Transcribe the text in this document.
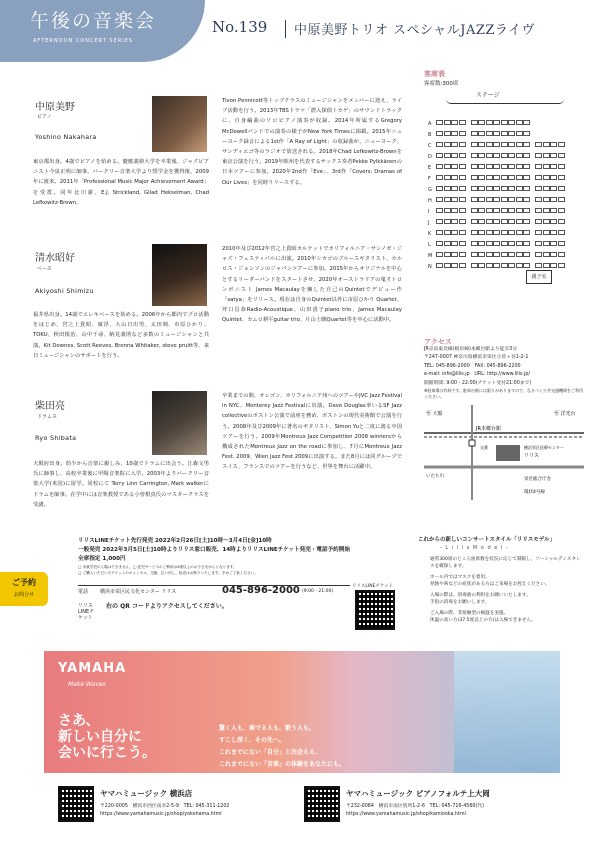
午後の音楽会
AFTERNOON CONCERT SERIES
No.139 中原美野トリオ スペシャルJAZZライヴ
中原美野
ピアノ
Yoshino Nakahara
東京都出身。4歳でピアノを始める。慶應義塾大学を卒業後、ジャズピアニスト今泉正明に師事。バークリー音楽大学より奨学金を獲得後、2009年に渡米。2011年「Professional Music Major Achievement Award」を受賞。同年北川潔、E.J. Strickland, Gilad Hekselman, Chad Lefkowitz-Brown,
清水昭好
ベース
Akiyoshi Shimizu
福井県出身。14歳でエレキベースを始める。2006年から都内でプロ活動をはじめ、宮之上貴昭、廣浮、大山日出男、太田剣、市原ひかり、TOKU、秋田慎治、山中千尋、納見義則など多数のミュージシャンと共演。Kit Downes, Scott Reeves, Brenna Whitaker, steve pruitt等、来日ミュージシャンのサポートを行う。
柴田亮
ドラムス
Ryo Shibata
大阪府出身。幼少から音楽に親しみ、10歳でドラムに出会う。江森文男氏に師事し、高校卒業後に甲陽音楽院に入学。2003年よりバークリー音楽大学(米国)に留学。同校にて Terry Linn Carrington, Mark walkerにドラムを師事。在学中には音楽教授である小曽根真氏のマスタークラスを受講。
Tivon Pennicott等トップクラスのミュージシャンをメンバーに迎え、ライブ活動を行う。2013年TBSドラマ「潜入探偵トカゲ」のサウンドトラックに、自身編曲のソロピアノ演奏が収録。2014年所属するGregory McDowellバンドでの演奏の様子がNew York Timesに掲載。2015年ニューヨーク録音による1st作「A Ray of Light」の収録曲が、ニューヨーク、サンディエゴ等のラジオで放送される。2018年Chad Lefkowitz-Brownを東京公演を行う。2019年欧州を代表するサックス奏者Pekke Pylkkänenの日本ツアーに参加。2020年2nd作「Eve」、3rd作「Covers: Dramas of Our Lives」を同時リリースする。
2010年及び2012年宮之上貴昭カルテットでカリフォルニア・サンノゼ・ジャズ・フェスティバルに出演。2010年シカゴのブルースギタリスト、カルロス・ジョンソンのジャパンツアーに参加。2015年からオリジナルを中心とするリーダーバンドをスタートさせ、2020年オーストラリアの鬼才トロンボニスト James Macaulayを擁した自己のQuintetでデビュー作「satya」をリリース。現在は自身のQuintet以外に市原ひかり Quartet、坪口昌恭Radio-Acoustique、山田貴子piano trio、James Macaulay Quintet、カムロ耕平guitar trio、片山士駿Quartet等を中心に活動中。
卒業までの間、オレゴン、カリフォルニア州へのツアーやJVC Jazz Festival in NYC、Monterey Jazz Festivalに出演。Dave Douglas率いるSF Jazz collectiveのボストン公演で前座を務め、ボストンの現代美術館で公演を行う。2008年及び2009年に著名のギタリスト、Simon Yuと二度に渡る中国ツアーを行う。2009年Montreux Jazz Competition 2008 winnersから構成されたMontreux Jazz on the roadに参加し、7月にMontreux Jazz Fest. 2009、Wien Jazz Fest 2009に出演する。また8月には同グループでスイス、フランスでのツアーを行うなど、世界を舞台に活躍中。
客席表
客席数:300席
ステージ
A
B
C
D
E
F
G
H
I
J
K
L
M
N
親子室
アクセス
JR京浜東北線(根岸線)本郷台駅より徒歩3分
〒247-0007 神奈川県横浜市栄区小菅ヶ谷1-2-1
TEL: 045-896-2000　FAX: 045-896-2200
e-mail: info@lilis.jp　URL: http://www.lilis.jp/
開館時間: 9:00 - 22:00(チケット受付21:00まで)
※駐車場は有料です。駐車台数には限りがありますので、なるべく公共交通機関をご利用ください。
至 大船
JR本郷台駅
リリス
交番	横浜栄区医療センター
至 洋光台
いたち川
栄区総合庁舎
環状4号線
リリスLINEチケット先行発売 2022年2月26日[土]10時〜3月4日[金]10時
一般発売 2022年3月5日[土]10時よりリリス窓口販売、14時よりリリスLINEチケット発売・電話予約開始
全席指定 1,000円
□ 未就学児の入場はできません。□ 託児サービスのご利用は5歳以上のお子さまからとなります。
□ ご購入いただいたチケットのキャンセル、交換、払い戻し、転売はお断りいたします。予めご了承ください。
ご予約
お問合せ	電話 横浜市栄区民文化センター リリス	045-896-2000 (9:00 - 21:00)
リリスLINEチケット
右の QR コードよりアクセスしてください。
リリスLINEチケット
これからの新しいコンサートスタイル「リリスモデル」
- L i l i s M o d e l -
通常300席のところ座席数を状況に応じて制限し、ソーシャルディスタンスを確保します。
ホール内ではマスクを着用。
発熱や咳などの症状がある方はご来場をお控えください。
入場の際は、消毒液の利用をお願いいたします。
手指の消毒をお願いします。
ご入場の際、非接触型の検温を実施。
体温の高い方(37.5度以上の方)は入場できません。
YAMAHA
Make Waves
さあ、
新しい自分に
会いに行こう。
驚く人も、奏でる人も、歌う人も。
すこし深く、その先へ。
これまでにない「自分」と出会える、
これまでにない「音楽」の体験をあなたにも。
ヤマハミュージック 横浜店
〒220-0005　横浜市西区南幸2-5-9　TEL: 045-311-1202
https://www.yamahamusic.jp/shop/yokohama.html
ヤマハミュージック ピアノフォルテ上大岡
〒232-0084　横浜市南区別所1-2-6　TEL: 045-716-4560(代)
https://www.yamahamusic.jp/shop/kamiooka.html
